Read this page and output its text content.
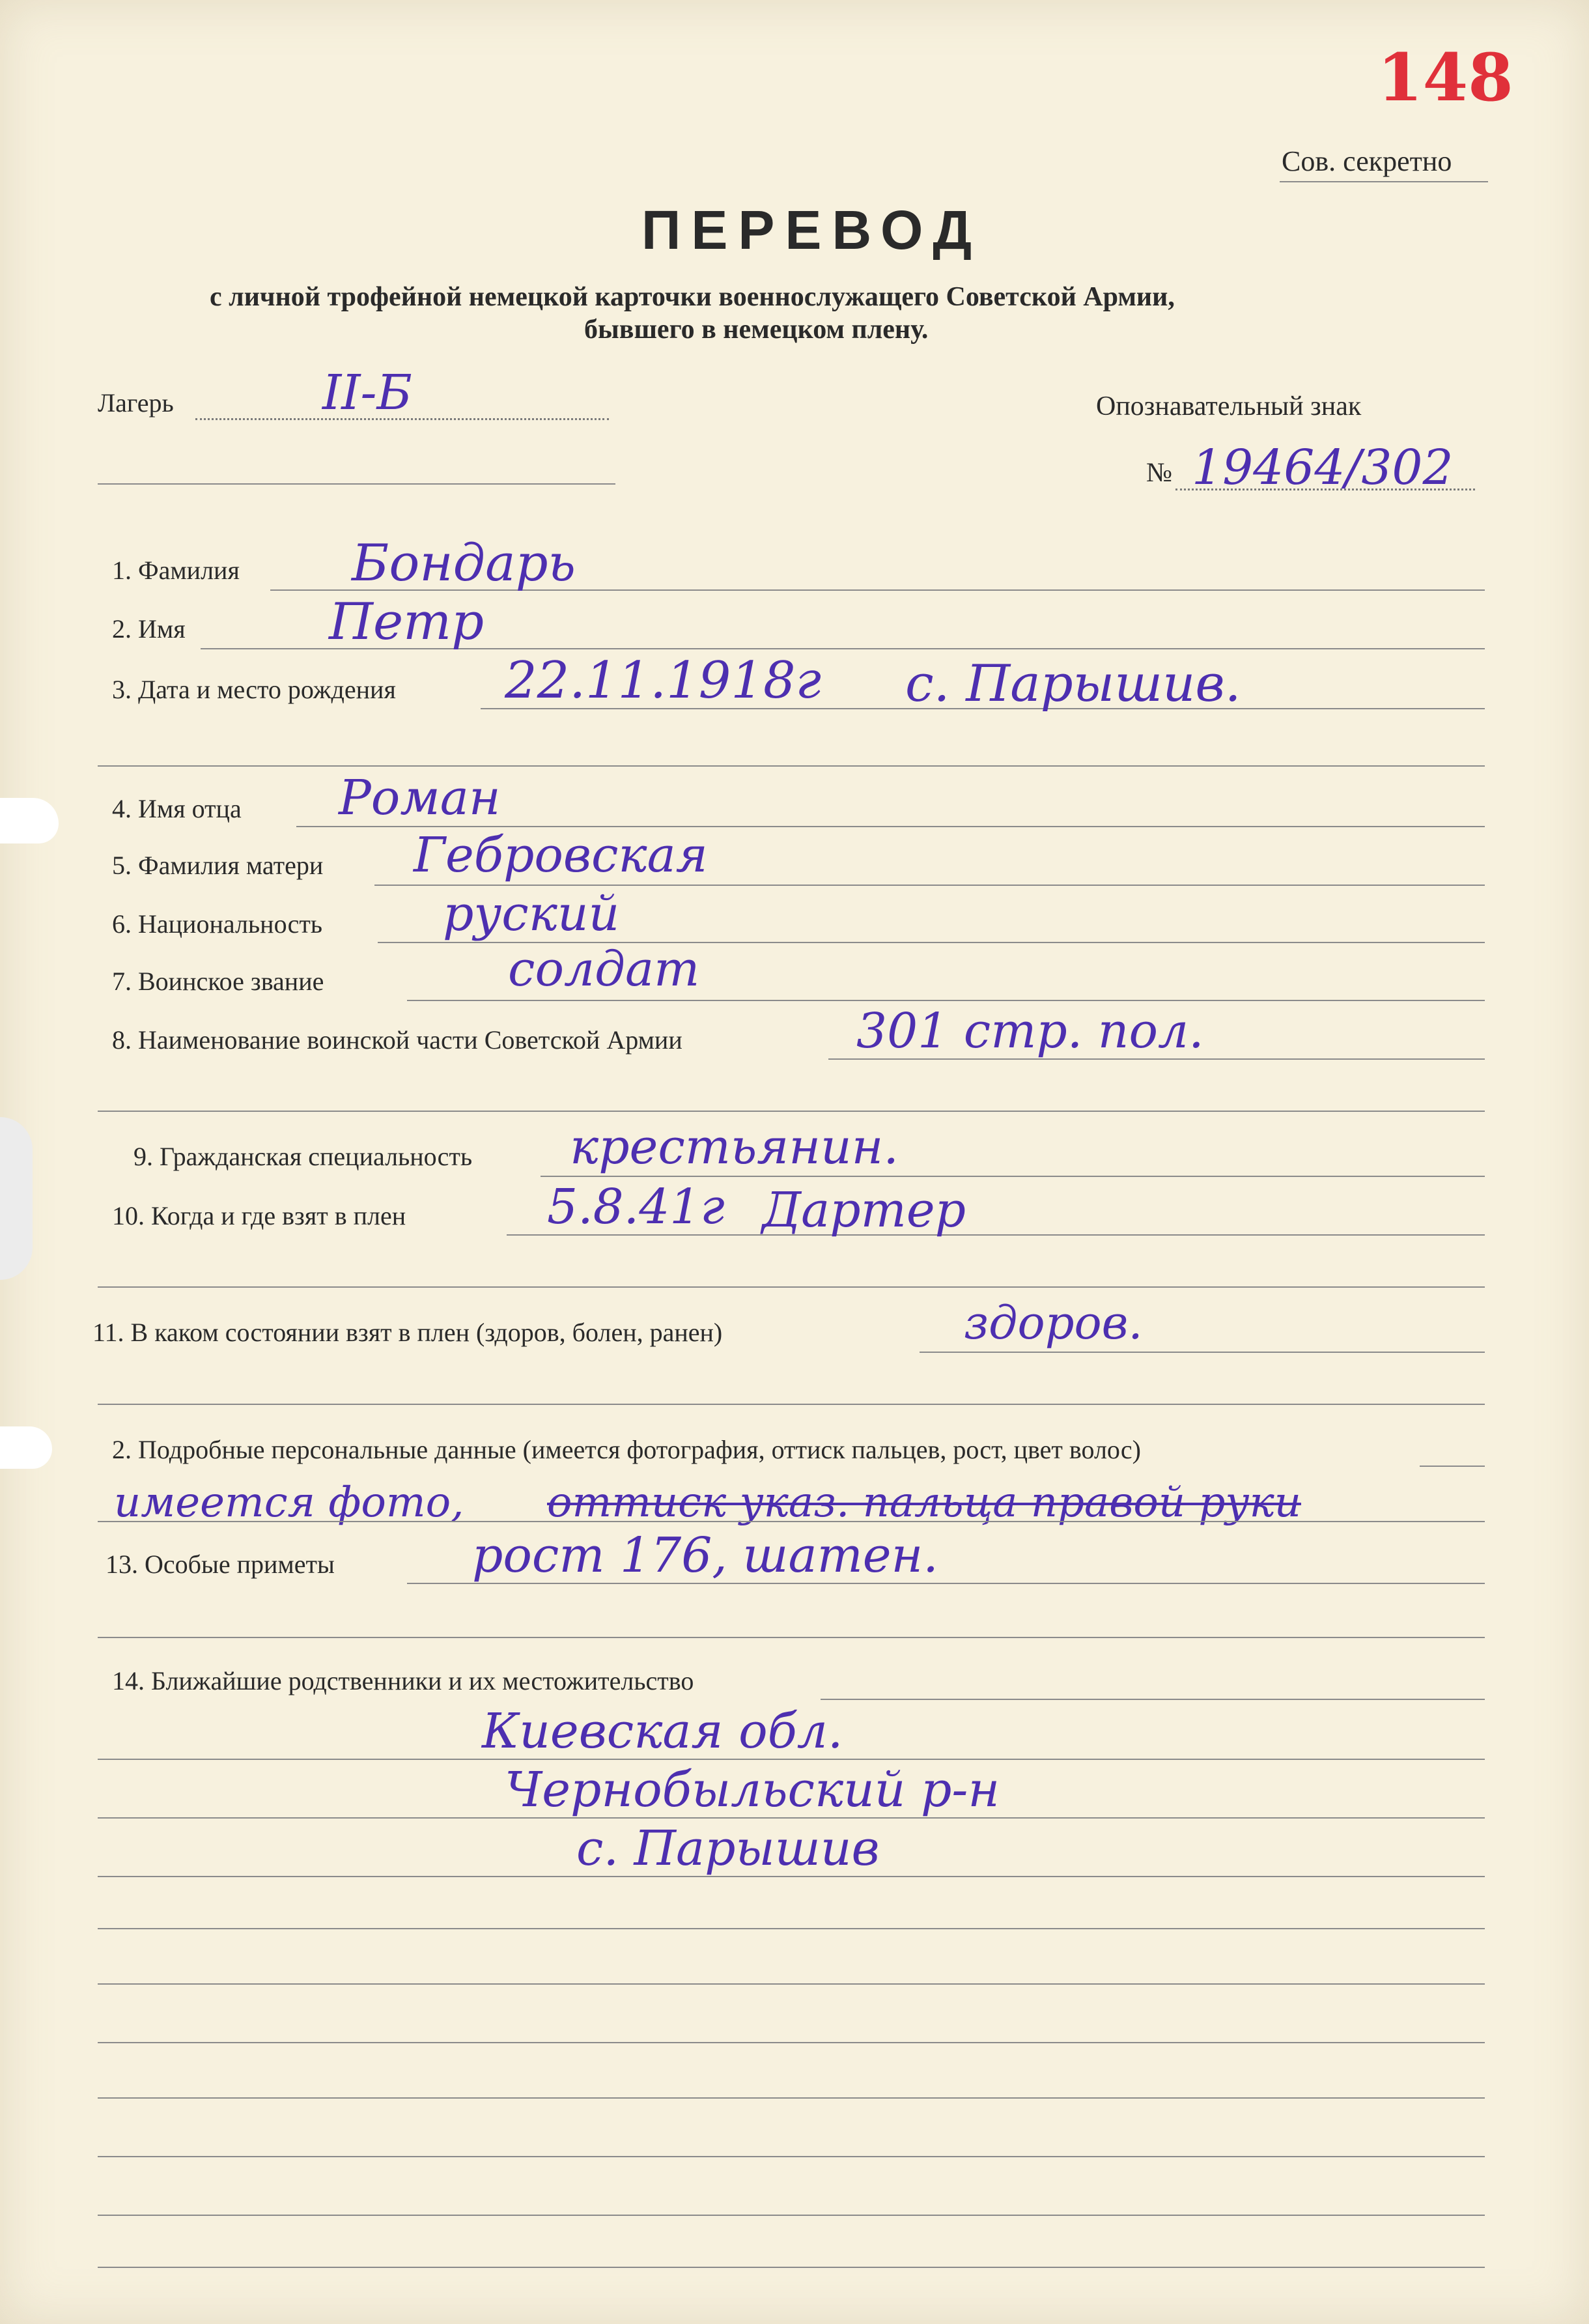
148
Сов. секретно
ПЕРЕВОД
с личной трофейной немецкой карточки военнослужащего Советской Армии,
бывшего в немецком плену.
Лагерь	II-Б	Опознавательный знак
№ 19464/302
1. Фамилия Бондарь
2. Имя	Петр
3. Дата и место рождения 22.11.1918г с. Парышив.
4. Имя отца Роман
5. Фамилия матери Гебровская
6. Национальность руский
7. Воинское звание	солдат
8. Наименование воинской части Советской Армии	301 стр. пол.
9. Гражданская специальность крестьянин.
10. Когда и где взят в плен	5.8.41г Дартер
11. В каком состоянии взят в плен (здоров, болен, ранен)	здоров.
2. Подробные персональные данные (имеется фотография, оттиск пальцев, рост, цвет волос)
имеется фото, оттиск указ. пальца правой руки
13. Особые приметы	рост 176, шатен.
14. Ближайшие родственники и их местожительство
Киевская обл.
Чернобыльский р-н
с. Парышив
